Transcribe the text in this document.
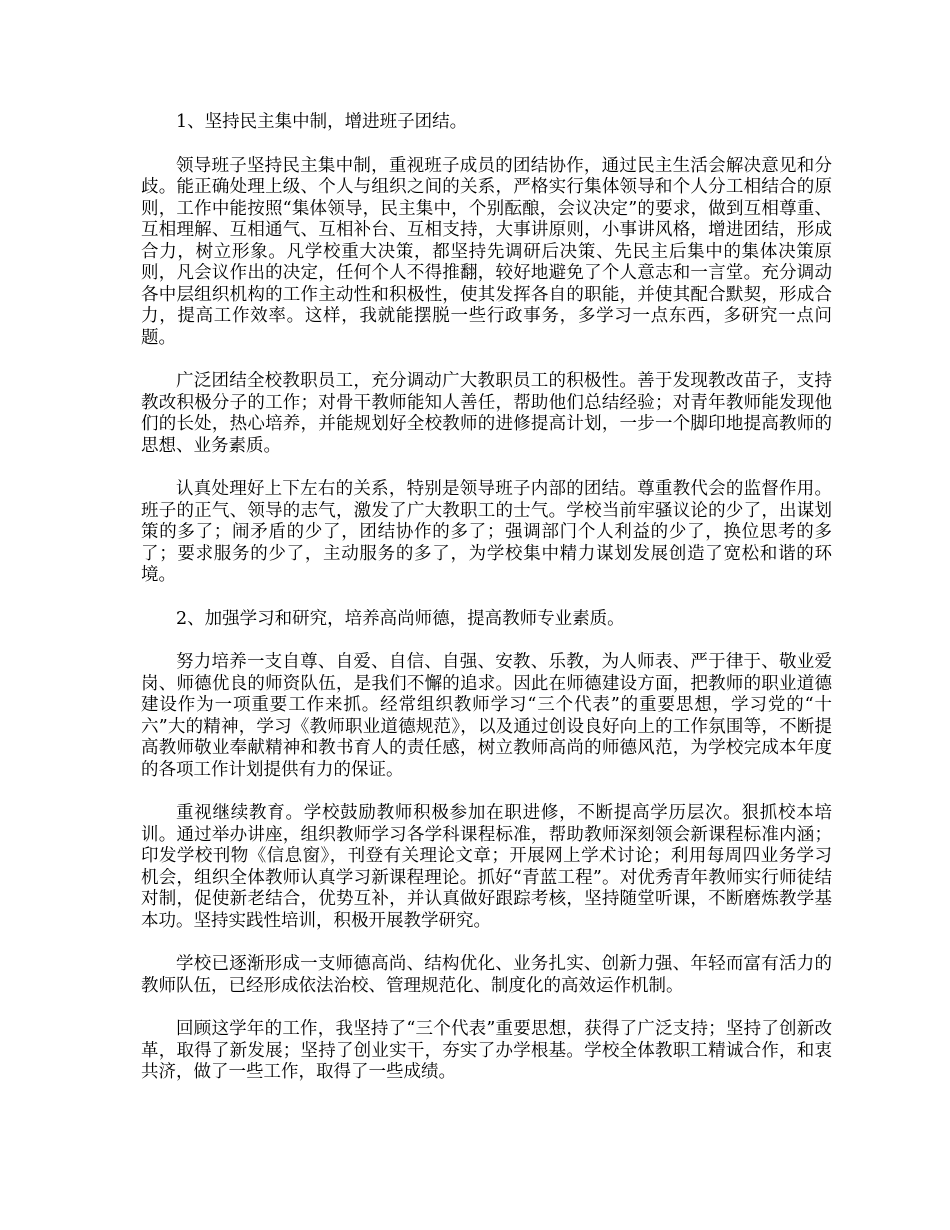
1、坚持民主集中制，增进班子团结。

领导班子坚持民主集中制，重视班子成员的团结协作，通过民主生活会解决意见和分歧。能正确处理上级、个人与组织之间的关系，严格实行集体领导和个人分工相结合的原则，工作中能按照“集体领导，民主集中，个别酝酿，会议决定”的要求，做到互相尊重、互相理解、互相通气、互相补台、互相支持，大事讲原则，小事讲风格，增进团结，形成合力，树立形象。凡学校重大决策，都坚持先调研后决策、先民主后集中的集体决策原则，凡会议作出的决定，任何个人不得推翻，较好地避免了个人意志和一言堂。充分调动各中层组织机构的工作主动性和积极性，使其发挥各自的职能，并使其配合默契，形成合力，提高工作效率。这样，我就能摆脱一些行政事务，多学习一点东西，多研究一点问题。

广泛团结全校教职员工，充分调动广大教职员工的积极性。善于发现教改苗子，支持教改积极分子的工作；对骨干教师能知人善任，帮助他们总结经验；对青年教师能发现他们的长处，热心培养，并能规划好全校教师的进修提高计划，一步一个脚印地提高教师的思想、业务素质。

认真处理好上下左右的关系，特别是领导班子内部的团结。尊重教代会的监督作用。班子的正气、领导的志气，激发了广大教职工的士气。学校当前牢骚议论的少了，出谋划策的多了；闹矛盾的少了，团结协作的多了；强调部门个人利益的少了，换位思考的多了；要求服务的少了，主动服务的多了，为学校集中精力谋划发展创造了宽松和谐的环境。

2、加强学习和研究，培养高尚师德，提高教师专业素质。

努力培养一支自尊、自爱、自信、自强、安教、乐教，为人师表、严于律于、敬业爱岗、师德优良的师资队伍，是我们不懈的追求。因此在师德建设方面，把教师的职业道德建设作为一项重要工作来抓。经常组织教师学习“三个代表”的重要思想，学习党的“十六”大的精神，学习《教师职业道德规范》，以及通过创设良好向上的工作氛围等，不断提高教师敬业奉献精神和教书育人的责任感，树立教师高尚的师德风范，为学校完成本年度的各项工作计划提供有力的保证。

重视继续教育。学校鼓励教师积极参加在职进修，不断提高学历层次。狠抓校本培训。通过举办讲座，组织教师学习各学科课程标准，帮助教师深刻领会新课程标准内涵；印发学校刊物《信息窗》，刊登有关理论文章；开展网上学术讨论；利用每周四业务学习机会，组织全体教师认真学习新课程理论。抓好“青蓝工程”。对优秀青年教师实行师徒结对制，促使新老结合，优势互补，并认真做好跟踪考核，坚持随堂听课，不断磨炼教学基本功。坚持实践性培训，积极开展教学研究。

学校已逐渐形成一支师德高尚、结构优化、业务扎实、创新力强、年轻而富有活力的教师队伍，已经形成依法治校、管理规范化、制度化的高效运作机制。

回顾这学年的工作，我坚持了“三个代表”重要思想，获得了广泛支持；坚持了创新改革，取得了新发展；坚持了创业实干，夯实了办学根基。学校全体教职工精诚合作，和衷共济，做了一些工作，取得了一些成绩。
